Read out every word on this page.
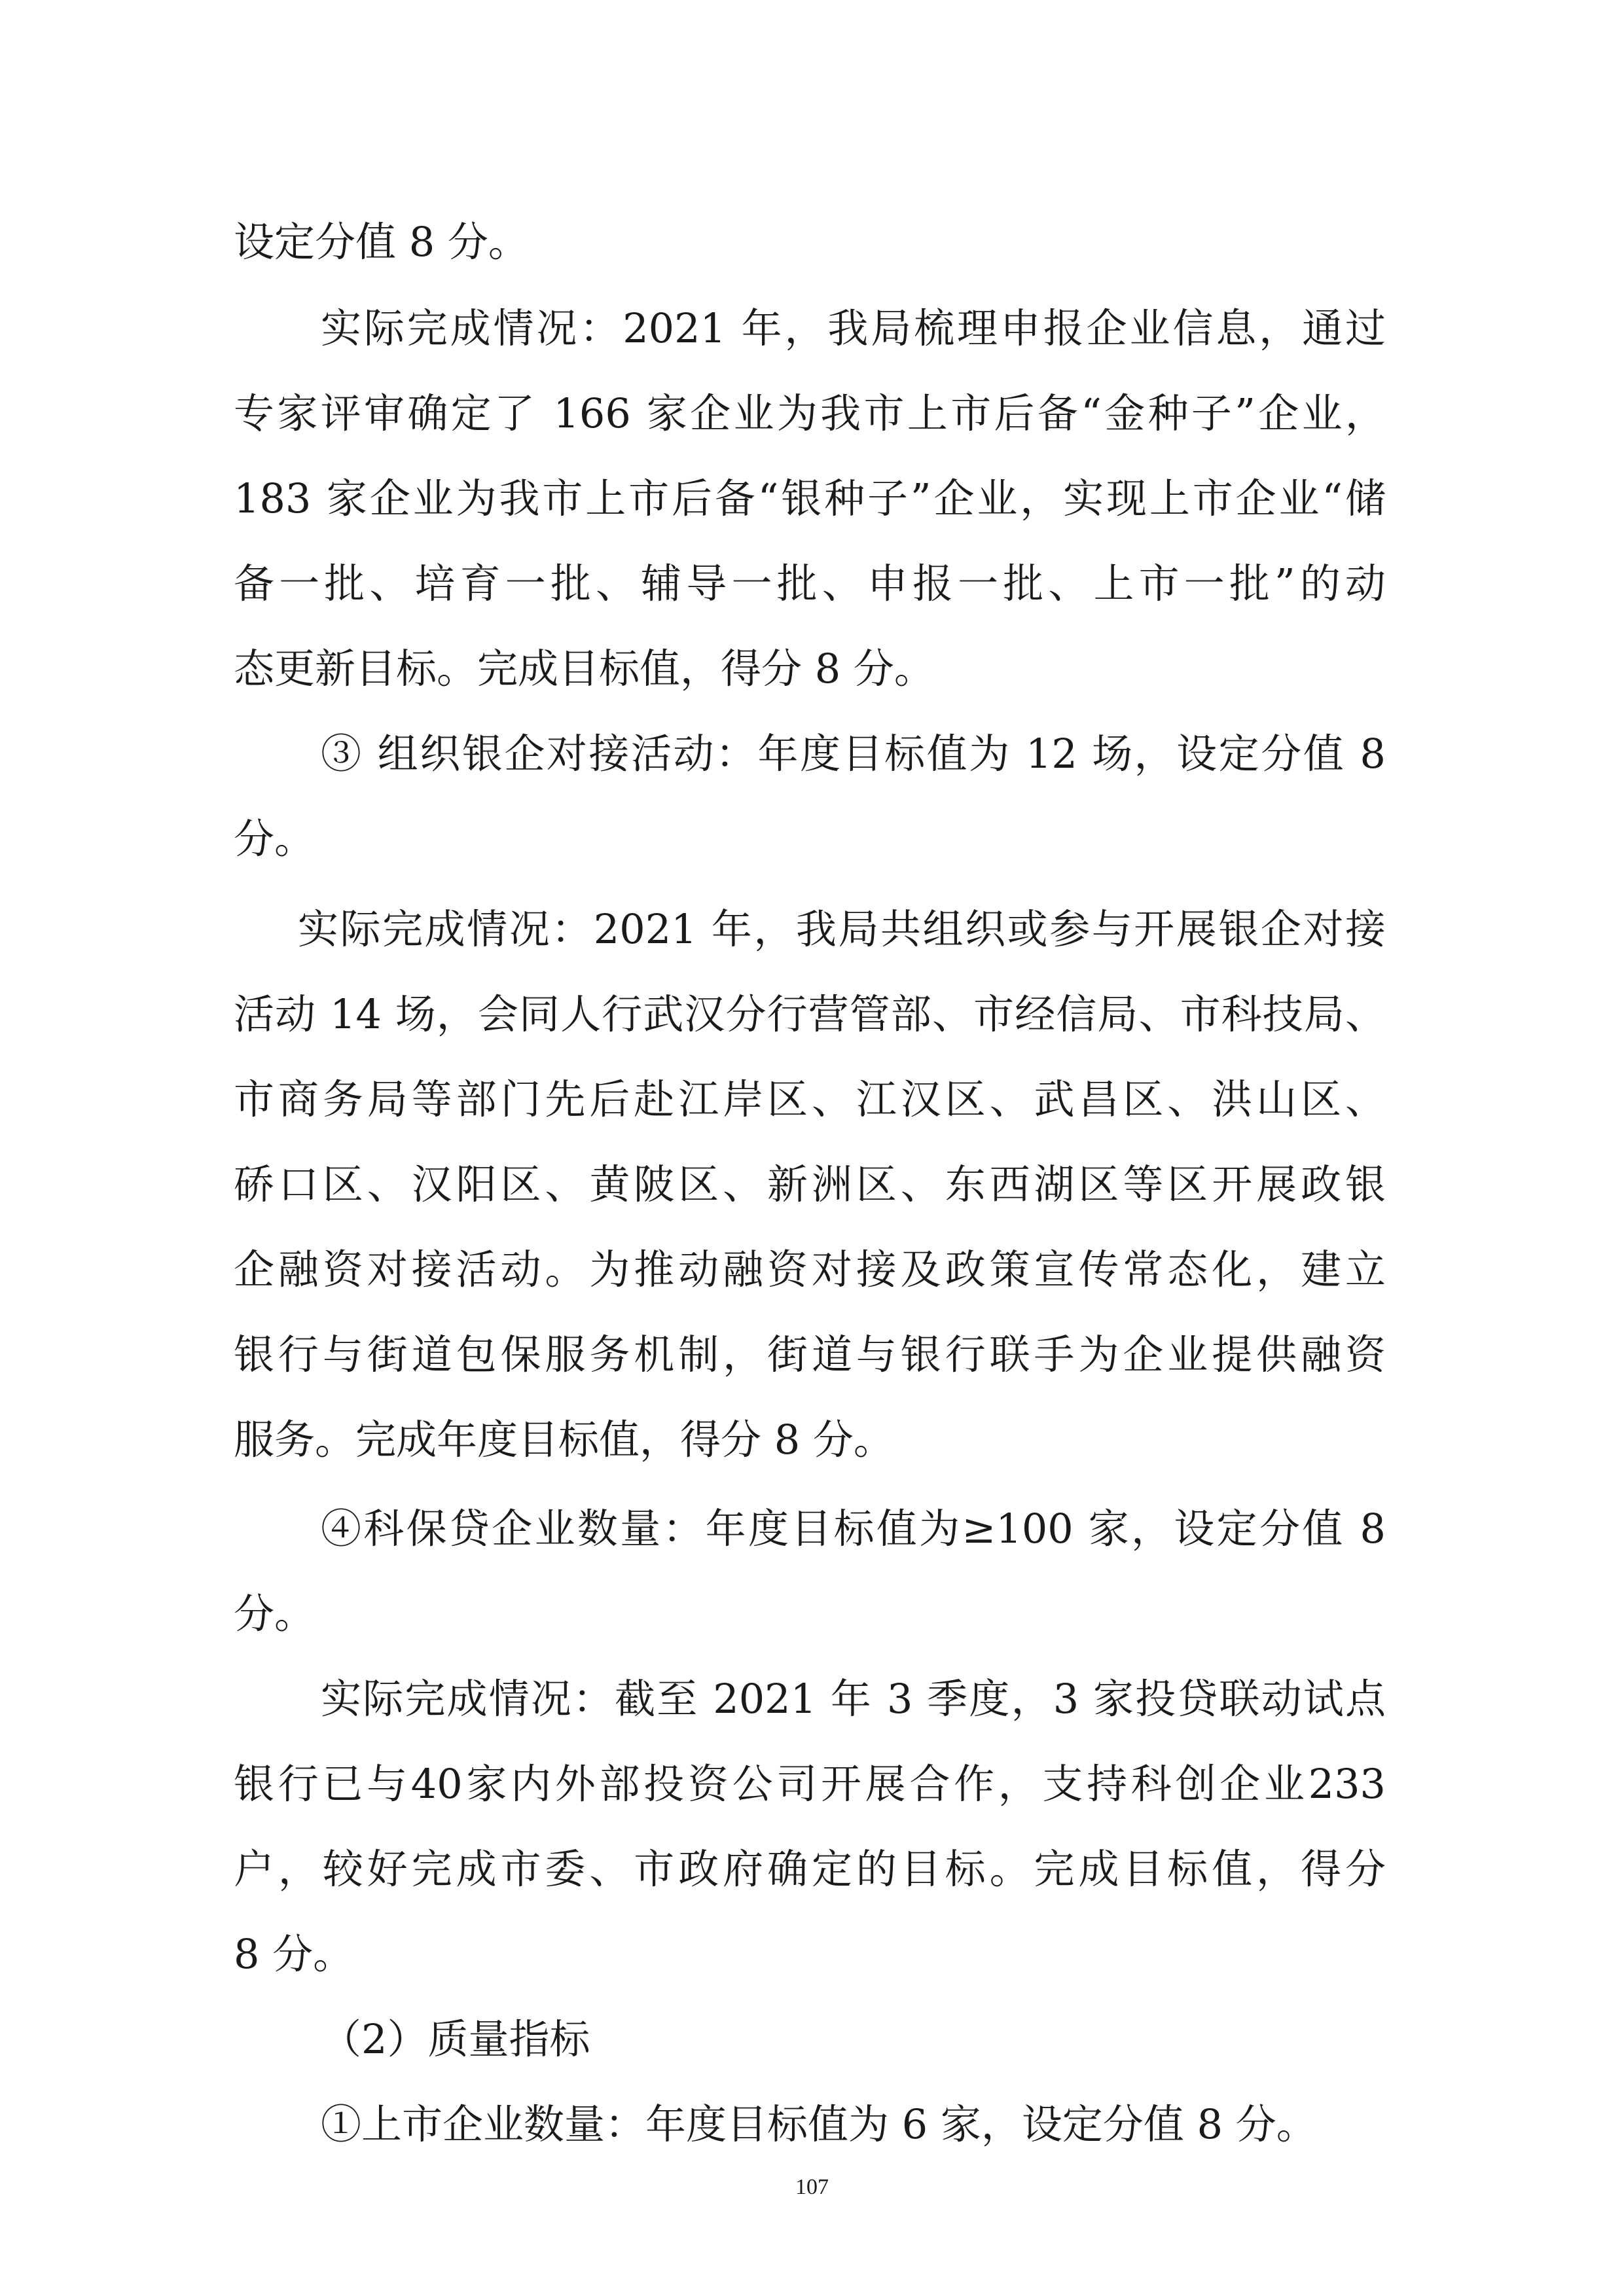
设定分值 8 分。
实际完成情况：2021 年，我局梳理申报企业信息，通过
专家评审确定了 166 家企业为我市上市后备“金种子”企业，
183 家企业为我市上市后备“银种子”企业，实现上市企业“储
备一批、培育一批、辅导一批、申报一批、上市一批”的动
态更新目标。完成目标值，得分 8 分。
③ 组织银企对接活动：年度目标值为 12 场，设定分值 8
分。
实际完成情况：2021 年，我局共组织或参与开展银企对接
活动 14 场，会同人行武汉分行营管部、市经信局、市科技局、
市商务局等部门先后赴江岸区、江汉区、武昌区、洪山区、
硚口区、汉阳区、黄陂区、新洲区、东西湖区等区开展政银
企融资对接活动。为推动融资对接及政策宣传常态化，建立
银行与街道包保服务机制，街道与银行联手为企业提供融资
服务。完成年度目标值，得分 8 分。
④科保贷企业数量：年度目标值为≥100 家，设定分值 8
分。
实际完成情况：截至 2021 年 3 季度，3 家投贷联动试点
银行已与40家内外部投资公司开展合作，支持科创企业233
户，较好完成市委、市政府确定的目标。完成目标值，得分
8 分。
（2）质量指标
①上市企业数量：年度目标值为 6 家，设定分值 8 分。
107
